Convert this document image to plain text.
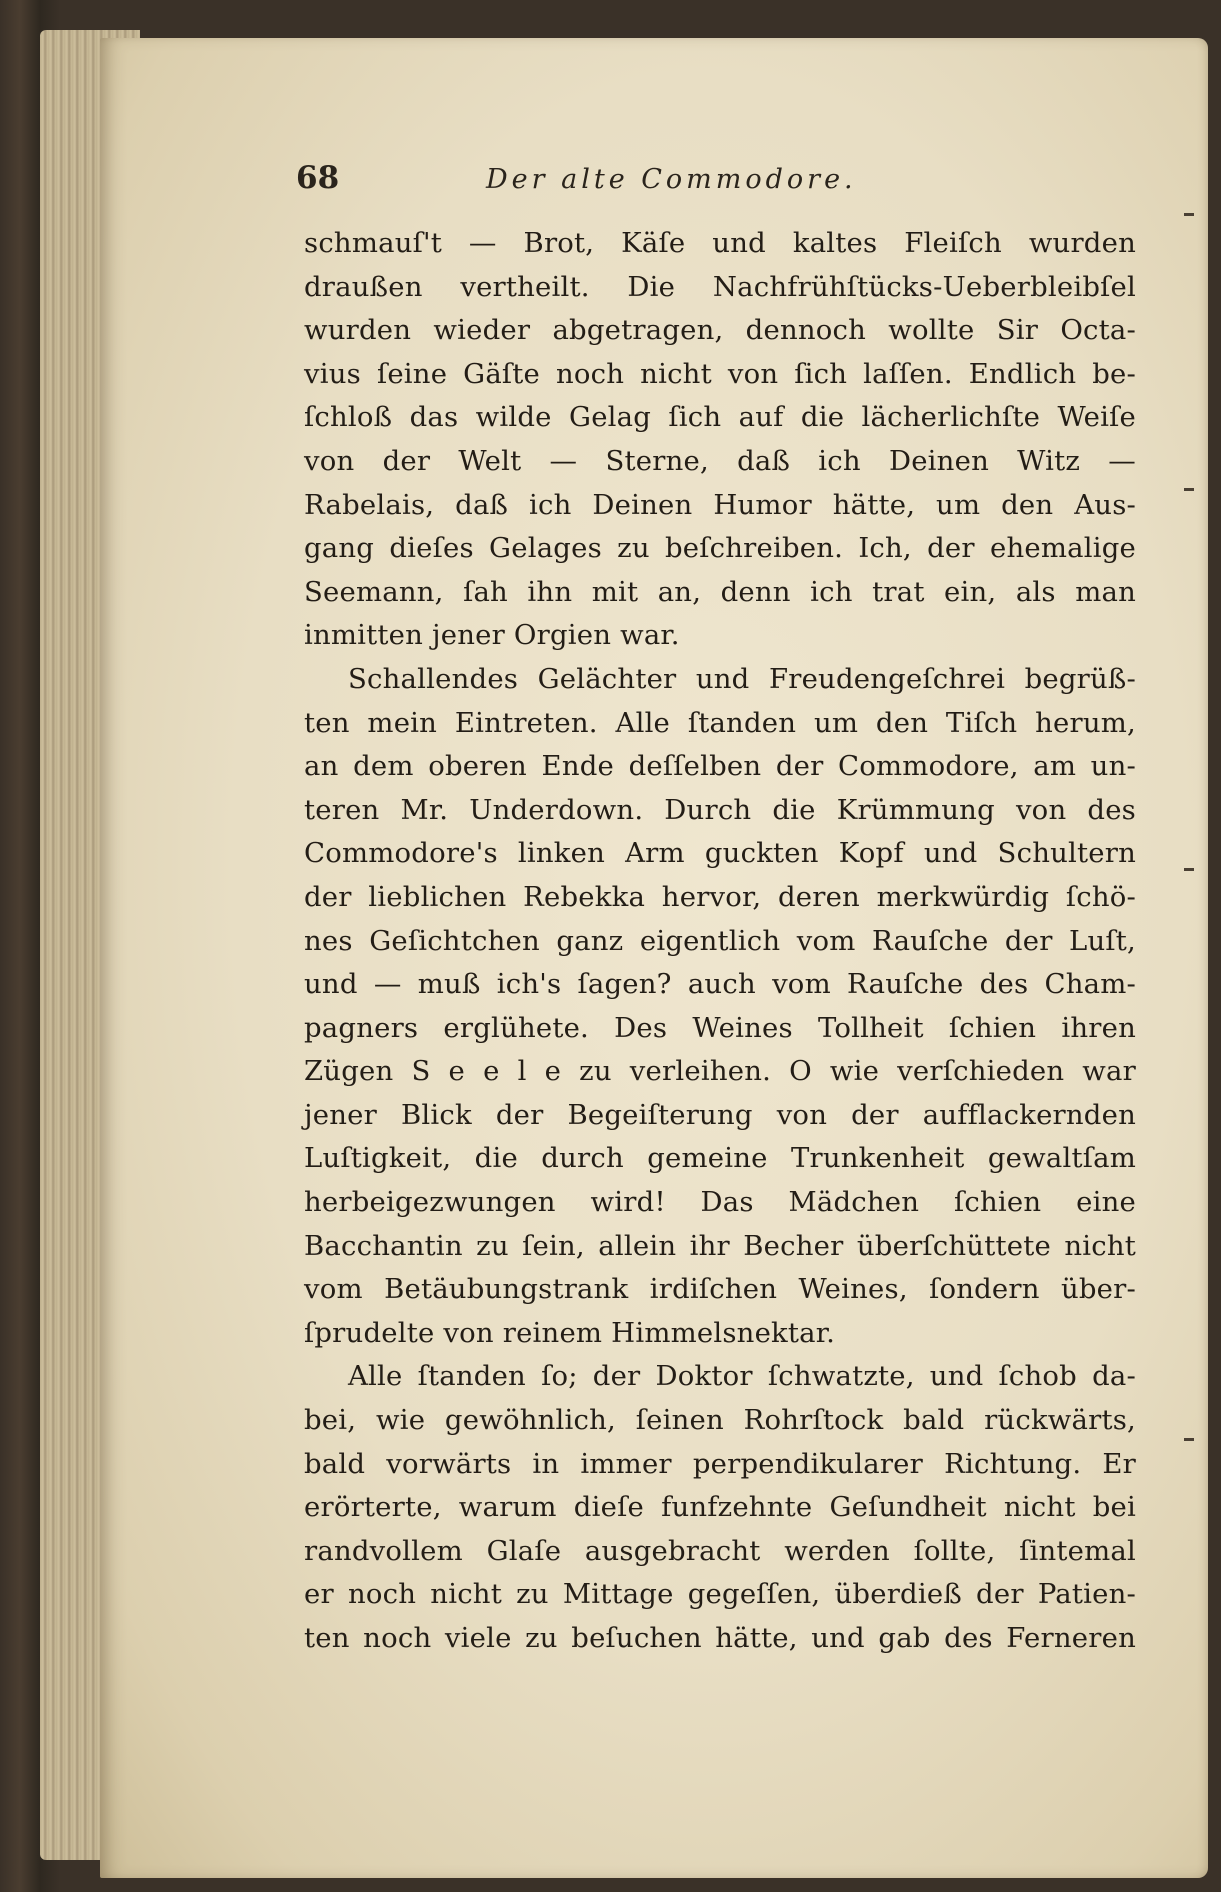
68	Der alte Commodore.
schmauſ't — Brot, Käſe und kaltes Fleiſch wurden
draußen vertheilt. Die Nachfrühſtücks-Ueberbleibſel
wurden wieder abgetragen, dennoch wollte Sir Octa-
vius ſeine Gäſte noch nicht von ſich laſſen. Endlich be-
ſchloß das wilde Gelag ſich auf die lächerlichſte Weiſe
von der Welt — Sterne, daß ich Deinen Witz —
Rabelais, daß ich Deinen Humor hätte, um den Aus-
gang dieſes Gelages zu beſchreiben. Ich, der ehemalige
Seemann, ſah ihn mit an, denn ich trat ein, als man
inmitten jener Orgien war.
Schallendes Gelächter und Freudengeſchrei begrüß-
ten mein Eintreten. Alle ſtanden um den Tiſch herum,
an dem oberen Ende deſſelben der Commodore, am un-
teren Mr. Underdown. Durch die Krümmung von des
Commodore's linken Arm guckten Kopf und Schultern
der lieblichen Rebekka hervor, deren merkwürdig ſchö-
nes Geſichtchen ganz eigentlich vom Rauſche der Luſt,
und — muß ich's ſagen? auch vom Rauſche des Cham-
pagners erglühete. Des Weines Tollheit ſchien ihren
Zügen S e e l e zu verleihen. O wie verſchieden war
jener Blick der Begeiſterung von der aufflackernden
Luſtigkeit, die durch gemeine Trunkenheit gewaltſam
herbeigezwungen wird! Das Mädchen ſchien eine
Bacchantin zu ſein, allein ihr Becher überſchüttete nicht
vom Betäubungstrank irdiſchen Weines, ſondern über-
ſprudelte von reinem Himmelsnektar.
Alle ſtanden ſo; der Doktor ſchwatzte, und ſchob da-
bei, wie gewöhnlich, ſeinen Rohrſtock bald rückwärts,
bald vorwärts in immer perpendikularer Richtung. Er
erörterte, warum dieſe funfzehnte Geſundheit nicht bei
randvollem Glaſe ausgebracht werden ſollte, ſintemal
er noch nicht zu Mittage gegeſſen, überdieß der Patien-
ten noch viele zu beſuchen hätte, und gab des Ferneren
